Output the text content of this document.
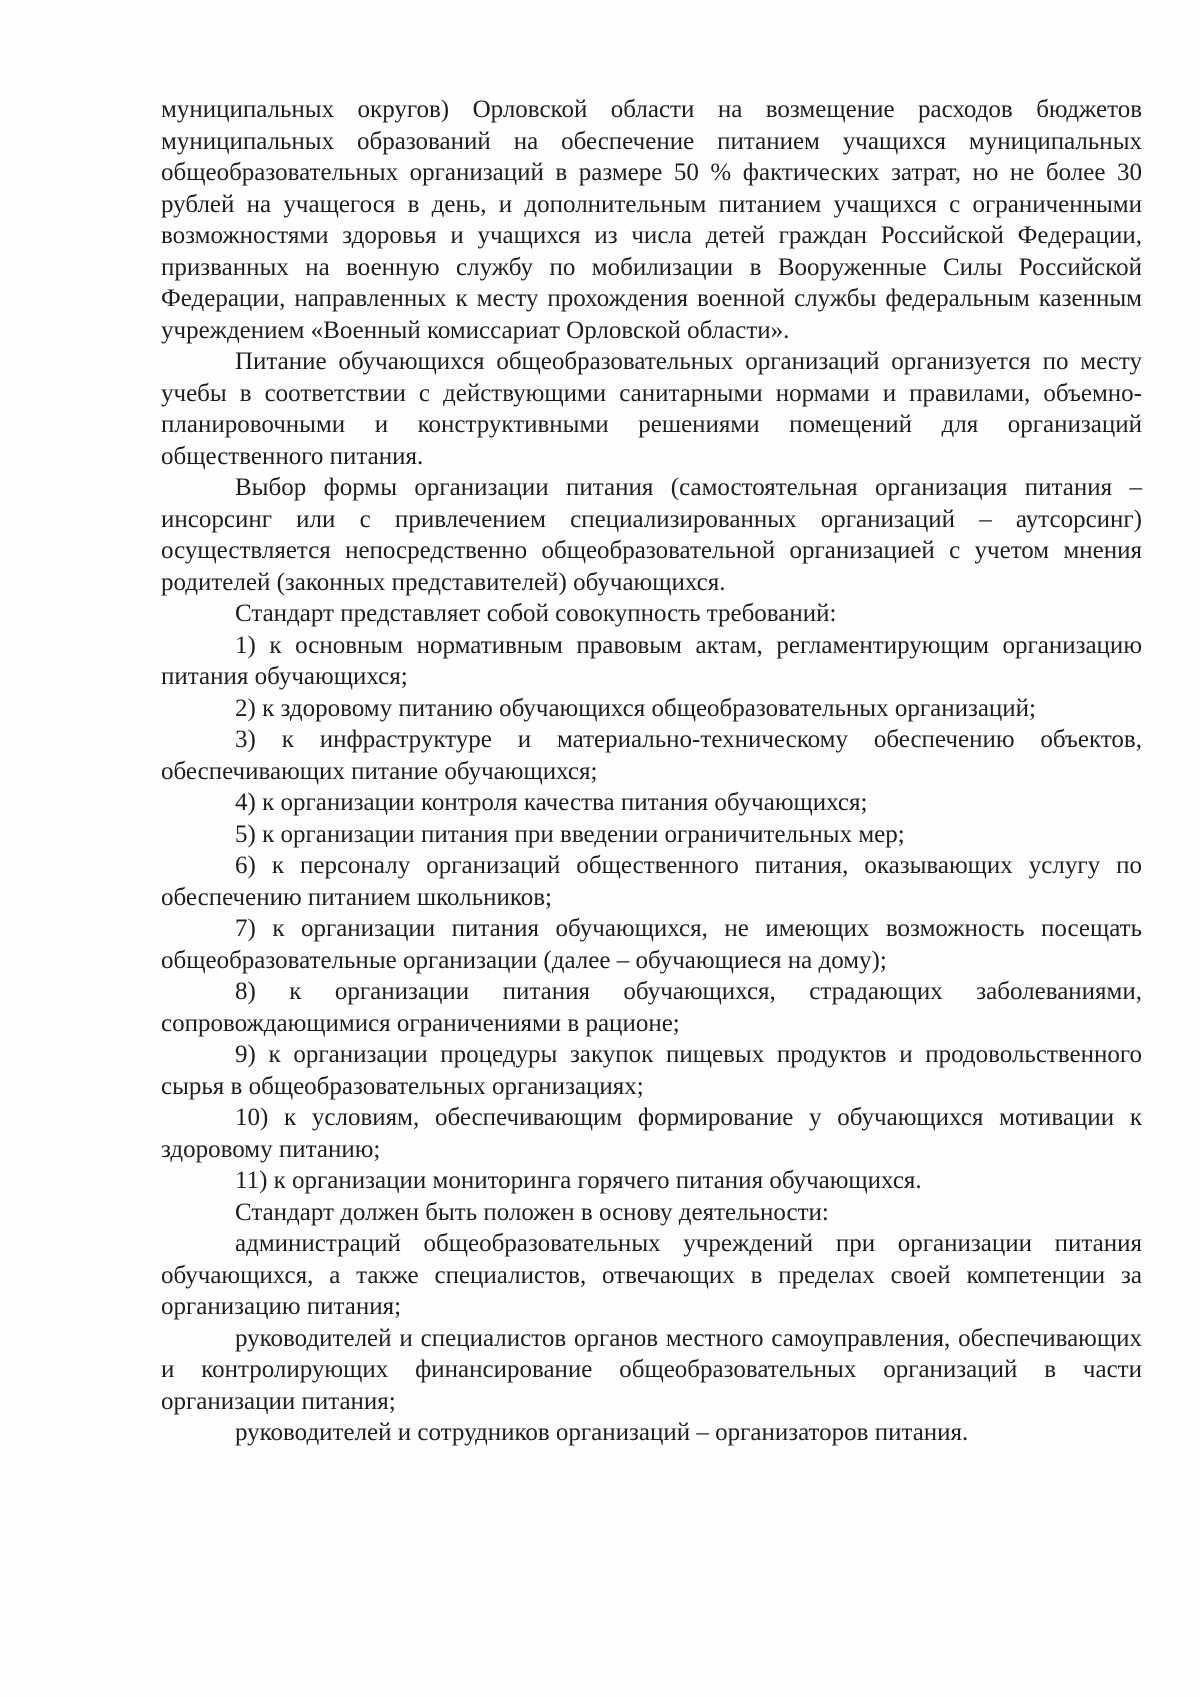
муниципальных округов) Орловской области на возмещение расходов бюджетов муниципальных образований на обеспечение питанием учащихся муниципальных общеобразовательных организаций в размере 50 % фактических затрат, но не более 30 рублей на учащегося в день, и дополнительным питанием учащихся с ограниченными возможностями здоровья и учащихся из числа детей граждан Российской Федерации, призванных на военную службу по мобилизации в Вооруженные Силы Российской Федерации, направленных к месту прохождения военной службы федеральным казенным учреждением «Военный комиссариат Орловской области».

Питание обучающихся общеобразовательных организаций организуется по месту учебы в соответствии с действующими санитарными нормами и правилами, объемно-планировочными и конструктивными решениями помещений для организаций общественного питания.

Выбор формы организации питания (самостоятельная организация питания – инсорсинг или с привлечением специализированных организаций – аутсорсинг) осуществляется непосредственно общеобразовательной организацией с учетом мнения родителей (законных представителей) обучающихся.

Стандарт представляет собой совокупность требований:

1) к основным нормативным правовым актам, регламентирующим организацию питания обучающихся;

2) к здоровому питанию обучающихся общеобразовательных организаций;

3) к инфраструктуре и материально-техническому обеспечению объектов, обеспечивающих питание обучающихся;

4) к организации контроля качества питания обучающихся;

5) к организации питания при введении ограничительных мер;

6) к персоналу организаций общественного питания, оказывающих услугу по обеспечению питанием школьников;

7) к организации питания обучающихся, не имеющих возможность посещать общеобразовательные организации (далее – обучающиеся на дому);

8) к организации питания обучающихся, страдающих заболеваниями, сопровождающимися ограничениями в рационе;

9) к организации процедуры закупок пищевых продуктов и продовольственного сырья в общеобразовательных организациях;

10) к условиям, обеспечивающим формирование у обучающихся мотивации к здоровому питанию;

11) к организации мониторинга горячего питания обучающихся.

Стандарт должен быть положен в основу деятельности:

администраций общеобразовательных учреждений при организации питания обучающихся, а также специалистов, отвечающих в пределах своей компетенции за организацию питания;

руководителей и специалистов органов местного самоуправления, обеспечивающих и контролирующих финансирование общеобразовательных организаций в части организации питания;

руководителей и сотрудников организаций – организаторов питания.
